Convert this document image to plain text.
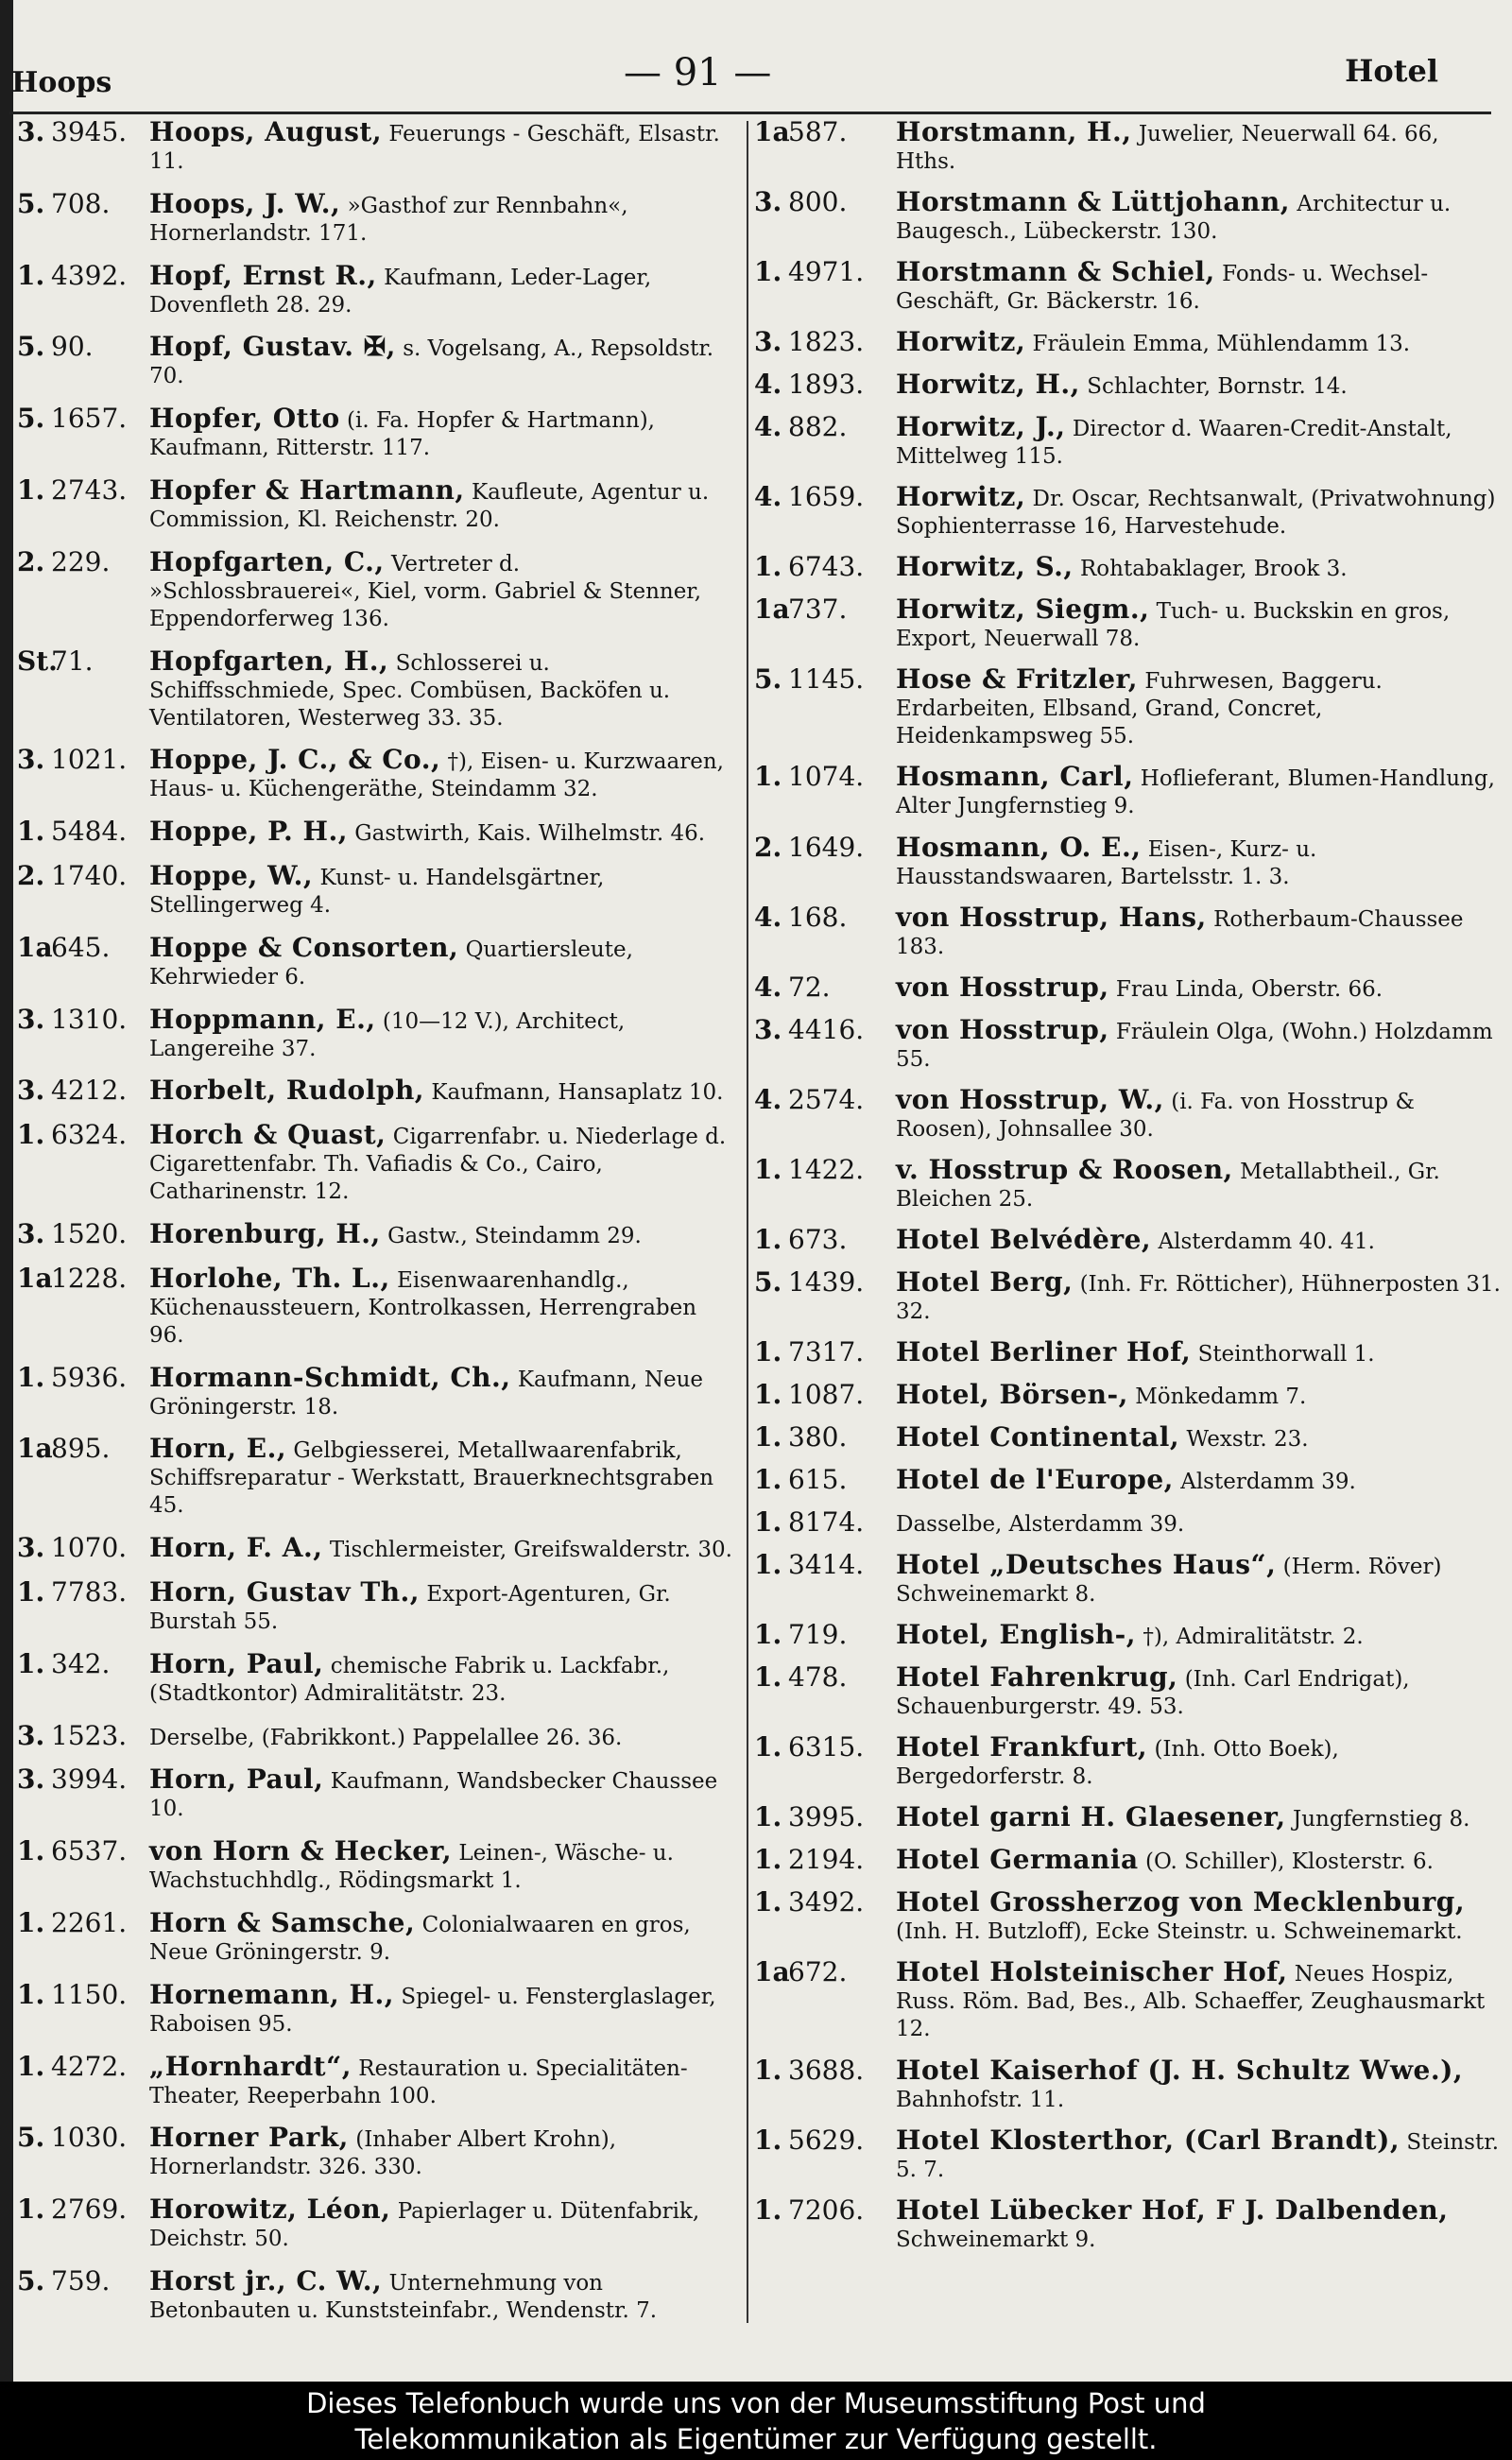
Hoops	— 91 —	Hotel
3. 3945. Hoops, August, Feuerungs - Geschäft, Elsastr. 11.
5. 708.	Hoops, J. W., »Gasthof zur Rennbahn«, Hornerlandstr. 171.
1. 4392. Hopf, Ernst R., Kaufmann, Leder-Lager, Dovenfleth 28. 29.
5. 90.	Hopf, Gustav. ✠, s. Vogelsang, A., Repsoldstr. 70.
5. 1657. Hopfer, Otto (i. Fa. Hopfer & Hartmann), Kaufmann, Ritterstr. 117.
1. 2743. Hopfer & Hartmann, Kaufleute, Agentur u. Commission, Kl. Reichenstr. 20.
2. 229.	Hopfgarten, C., Vertreter d. »Schlossbrauerei«, Kiel, vorm. Gabriel & Stenner, Eppendorferweg 136.
St.71.	Hopfgarten, H., Schlosserei u. Schiffsschmiede, Spec. Combüsen, Backöfen u. Ventilatoren, Westerweg 33. 35.
3. 1021. Hoppe, J. C., & Co., †), Eisen- u. Kurzwaaren, Haus- u. Küchengeräthe, Steindamm 32.
1. 5484. Hoppe, P. H., Gastwirth, Kais. Wilhelmstr. 46.
2. 1740. Hoppe, W., Kunst- u. Handelsgärtner, Stellingerweg 4.
1a645.	Hoppe & Consorten, Quartiersleute, Kehrwieder 6.
3. 1310. Hoppmann, E., (10—12 V.), Architect, Langereihe 37.
3. 4212. Horbelt, Rudolph, Kaufmann, Hansaplatz 10.
1. 6324. Horch & Quast, Cigarrenfabr. u. Niederlage d. Cigarettenfabr. Th. Vafiadis & Co., Cairo, Catharinenstr. 12.
3. 1520. Horenburg, H., Gastw., Steindamm 29.
1a1228. Horlohe, Th. L., Eisenwaarenhandlg., Küchenaussteuern, Kontrolkassen, Herrengraben 96.
1. 5936. Hormann-Schmidt, Ch., Kaufmann, Neue Gröningerstr. 18.
1a895.	Horn, E., Gelbgiesserei, Metallwaarenfabrik, Schiffsreparatur - Werkstatt, Brauerknechtsgraben 45.
3. 1070. Horn, F. A., Tischlermeister, Greifswalderstr. 30.
1. 7783. Horn, Gustav Th., Export-Agenturen, Gr. Burstah 55.
1. 342.	Horn, Paul, chemische Fabrik u. Lackfabr., (Stadtkontor) Admiralitätstr. 23.
3. 1523.	Derselbe, (Fabrikkont.) Pappelallee 26. 36.
3. 3994. Horn, Paul, Kaufmann, Wandsbecker Chaussee 10.
1. 6537. von Horn & Hecker, Leinen-, Wäsche- u. Wachstuchhdlg., Rödingsmarkt 1.
1. 2261. Horn & Samsche, Colonialwaaren en gros, Neue Gröningerstr. 9.
1. 1150. Hornemann, H., Spiegel- u. Fensterglaslager, Raboisen 95.
1. 4272. „Hornhardt“, Restauration u. Specialitäten-Theater, Reeperbahn 100.
5. 1030. Horner Park, (Inhaber Albert Krohn), Hornerlandstr. 326. 330.
1. 2769. Horowitz, Léon, Papierlager u. Dütenfabrik, Deichstr. 50.
5. 759.	Horst jr., C. W., Unternehmung von Betonbauten u. Kunststeinfabr., Wendenstr. 7.
1a587.	Horstmann, H., Juwelier, Neuerwall 64. 66, Hths.
3. 800.	Horstmann & Lüttjohann, Architectur u. Baugesch., Lübeckerstr. 130.
1. 4971.	Horstmann & Schiel, Fonds- u. Wechsel-Geschäft, Gr. Bäckerstr. 16.
3. 1823.	Horwitz, Fräulein Emma, Mühlendamm 13.
4. 1893.	Horwitz, H., Schlachter, Bornstr. 14.
4. 882.	Horwitz, J., Director d. Waaren-Credit-Anstalt, Mittelweg 115.
4. 1659.	Horwitz, Dr. Oscar, Rechtsanwalt, (Privatwohnung) Sophienterrasse 16, Harvestehude.
1. 6743.	Horwitz, S., Rohtabaklager, Brook 3.
1a737.	Horwitz, Siegm., Tuch- u. Buckskin en gros, Export, Neuerwall 78.
5. 1145.	Hose & Fritzler, Fuhrwesen, Baggeru. Erdarbeiten, Elbsand, Grand, Concret, Heidenkampsweg 55.
1. 1074.	Hosmann, Carl, Hoflieferant, Blumen-Handlung, Alter Jungfernstieg 9.
2. 1649.	Hosmann, O. E., Eisen-, Kurz- u. Hausstandswaaren, Bartelsstr. 1. 3.
4. 168.	von Hosstrup, Hans, Rotherbaum-Chaussee 183.
4. 72.	von Hosstrup, Frau Linda, Oberstr. 66.
3. 4416.	von Hosstrup, Fräulein Olga, (Wohn.) Holzdamm 55.
4. 2574.	von Hosstrup, W., (i. Fa. von Hosstrup & Roosen), Johnsallee 30.
1. 1422.	v. Hosstrup & Roosen, Metallabtheil., Gr. Bleichen 25.
1. 673.	Hotel Belvédère, Alsterdamm 40. 41.
5. 1439.	Hotel Berg, (Inh. Fr. Rötticher), Hühnerposten 31. 32.
1. 7317.	Hotel Berliner Hof, Steinthorwall 1.
1. 1087.	Hotel, Börsen-, Mönkedamm 7.
1. 380.	Hotel Continental, Wexstr. 23.
1. 615.	Hotel de l'Europe, Alsterdamm 39.
1. 8174.	Dasselbe, Alsterdamm 39.
1. 3414.	Hotel „Deutsches Haus“, (Herm. Röver) Schweinemarkt 8.
1. 719.	Hotel, English-, †), Admiralitätstr. 2.
1. 478.	Hotel Fahrenkrug, (Inh. Carl Endrigat), Schauenburgerstr. 49. 53.
1. 6315.	Hotel Frankfurt, (Inh. Otto Boek), Bergedorferstr. 8.
1. 3995.	Hotel garni H. Glaesener, Jungfernstieg 8.
1. 2194.	Hotel Germania (O. Schiller), Klosterstr. 6.
1. 3492.	Hotel Grossherzog von Mecklenburg, (Inh. H. Butzloff), Ecke Steinstr. u. Schweinemarkt.
1a672.	Hotel Holsteinischer Hof, Neues Hospiz, Russ. Röm. Bad, Bes., Alb. Schaeffer, Zeughausmarkt 12.
1. 3688.	Hotel Kaiserhof (J. H. Schultz Wwe.), Bahnhofstr. 11.
1. 5629.	Hotel Klosterthor, (Carl Brandt), Steinstr. 5. 7.
1. 7206.	Hotel Lübecker Hof, F J. Dalbenden, Schweinemarkt 9.
Dieses Telefonbuch wurde uns von der Museumsstiftung Post und
Telekommunikation als Eigentümer zur Verfügung gestellt.
